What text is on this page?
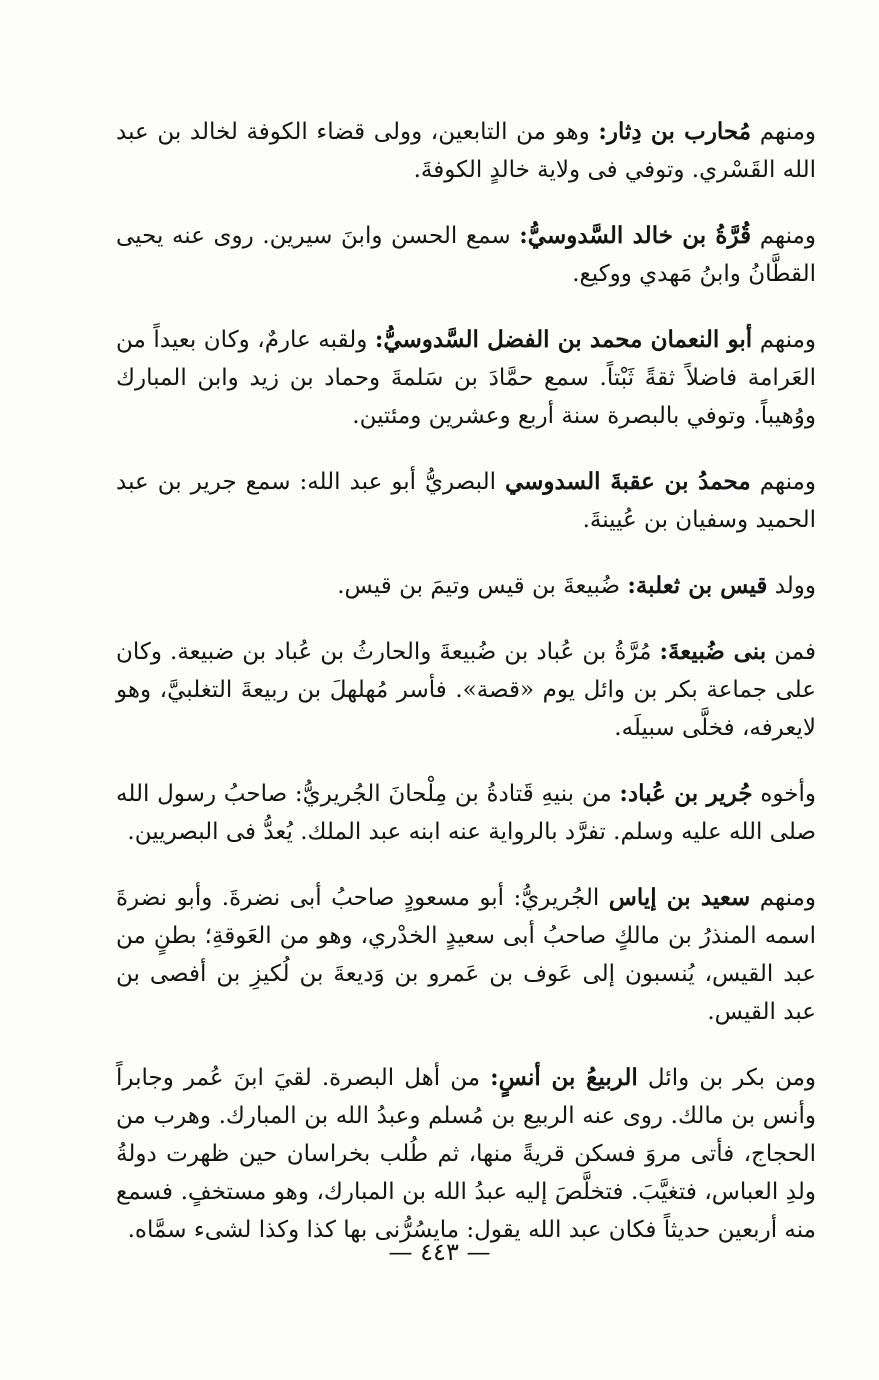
ومنهم مُحارب بن دِثار: وهو من التابعين، وولى قضاء الكوفة لخالد بن عبد الله القَسْري. وتوفي فى ولاية خالدٍ الكوفةَ.

ومنهم قُرَّةُ بن خالد السَّدوسيُّ: سمع الحسن وابنَ سيرين. روى عنه يحيى القطَّانُ وابنُ مَهدي ووكيع.

ومنهم أبو النعمان محمد بن الفضل السَّدوسيُّ: ولقبه عارمٌ، وكان بعيداً من العَرامة فاضلاً ثقةً ثَبْتاً. سمع حمَّادَ بن سَلمةَ وحماد بن زيد وابن المبارك ووُهيباً. وتوفي بالبصرة سنة أربع وعشرين ومئتين.

ومنهم محمدُ بن عقبةَ السدوسي البصريُّ أبو عبد الله: سمع جرير بن عبد الحميد وسفيان بن عُيينةَ.

وولد قيس بن ثعلبة: ضُبيعةَ بن قيس وتيمَ بن قيس.

فمن بنى ضُبيعةَ: مُرَّةُ بن عُباد بن ضُبيعةَ والحارثُ بن عُباد بن ضبيعة. وكان على جماعة بكر بن وائل يوم «قصة». فأسر مُهلهلَ بن ربيعةَ التغلبيَّ، وهو لايعرفه، فخلَّى سبيلَه.

وأخوه جُرير بن عُباد: من بنيهِ قَتادةُ بن مِلْحانَ الجُريريُّ: صاحبُ رسول الله صلى الله عليه وسلم. تفرَّد بالرواية عنه ابنه عبد الملك. يُعدُّ فى البصريين.

ومنهم سعيد بن إياس الجُريريُّ: أبو مسعودٍ صاحبُ أبى نضرةَ. وأبو نضرةَ اسمه المنذرُ بن مالكٍ صاحبُ أبى سعيدٍ الخدْري، وهو من العَوقةِ؛ بطنٍ من عبد القيس، يُنسبون إلى عَوف بن عَمرو بن وَديعةَ بن لُكيزِ بن أفصى بن عبد القيس.

ومن بكر بن وائل الربيعُ بن أنسٍ: من أهل البصرة. لقيَ ابنَ عُمر وجابراً وأنس بن مالك. روى عنه الربيع بن مُسلم وعبدُ الله بن المبارك. وهرب من الحجاج، فأتى مروَ فسكن قريةً منها، ثم طُلب بخراسان حين ظهرت دولةُ ولدِ العباس، فتغيَّبَ. فتخلَّصَ إليه عبدُ الله بن المبارك، وهو مستخفٍ. فسمع منه أربعين حديثاً فكان عبد الله يقول: مايسُرُّنى بها كذا وكذا لشىء سمَّاه.

— ٤٤٣ —
